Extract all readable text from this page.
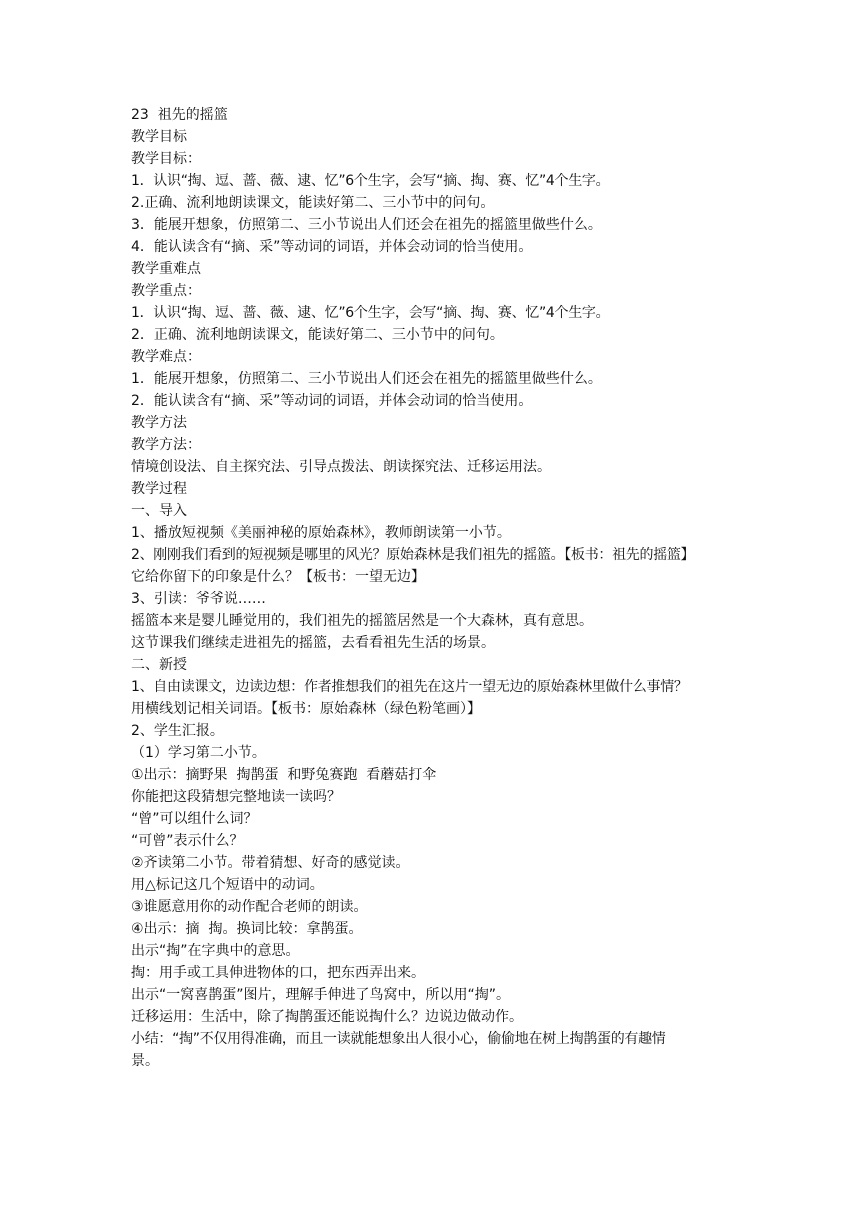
23  祖先的摇篮
教学目标
教学目标：
1．认识“掏、逗、蔷、薇、逮、忆”6个生字，会写“摘、掏、赛、忆”4个生字。
2.正确、流利地朗读课文，能读好第二、三小节中的问句。
3．能展开想象，仿照第二、三小节说出人们还会在祖先的摇篮里做些什么。
4．能认读含有“摘、采”等动词的词语，并体会动词的恰当使用。
教学重难点
教学重点：
1．认识“掏、逗、蔷、薇、逮、忆”6个生字，会写“摘、掏、赛、忆”4个生字。
2．正确、流利地朗读课文，能读好第二、三小节中的问句。
教学难点：
1．能展开想象，仿照第二、三小节说出人们还会在祖先的摇篮里做些什么。
2．能认读含有“摘、采”等动词的词语，并体会动词的恰当使用。
教学方法
教学方法：
情境创设法、自主探究法、引导点拨法、朗读探究法、迁移运用法。
教学过程
一、导入
1、播放短视频《美丽神秘的原始森林》，教师朗读第一小节。
2、刚刚我们看到的短视频是哪里的风光？原始森林是我们祖先的摇篮。【板书：祖先的摇篮】
它给你留下的印象是什么？【板书：一望无边】
3、引读：爷爷说……
摇篮本来是婴儿睡觉用的，我们祖先的摇篮居然是一个大森林，真有意思。
这节课我们继续走进祖先的摇篮，去看看祖先生活的场景。
二、新授
1、自由读课文，边读边想：作者推想我们的祖先在这片一望无边的原始森林里做什么事情？
用横线划记相关词语。【板书：原始森林（绿色粉笔画）】
2、学生汇报。
（1）学习第二小节。
①出示：摘野果  掏鹊蛋  和野兔赛跑  看蘑菇打伞
你能把这段猜想完整地读一读吗？
“曾”可以组什么词？
“可曾”表示什么？
②齐读第二小节。带着猜想、好奇的感觉读。
用△标记这几个短语中的动词。
③谁愿意用你的动作配合老师的朗读。
④出示：摘  掏。换词比较：拿鹊蛋。
出示“掏”在字典中的意思。
掏：用手或工具伸进物体的口，把东西弄出来。
出示“一窝喜鹊蛋”图片，理解手伸进了鸟窝中，所以用“掏”。
迁移运用：生活中，除了掏鹊蛋还能说掏什么？边说边做动作。
小结：“掏”不仅用得准确，而且一读就能想象出人很小心，偷偷地在树上掏鹊蛋的有趣情
景。
